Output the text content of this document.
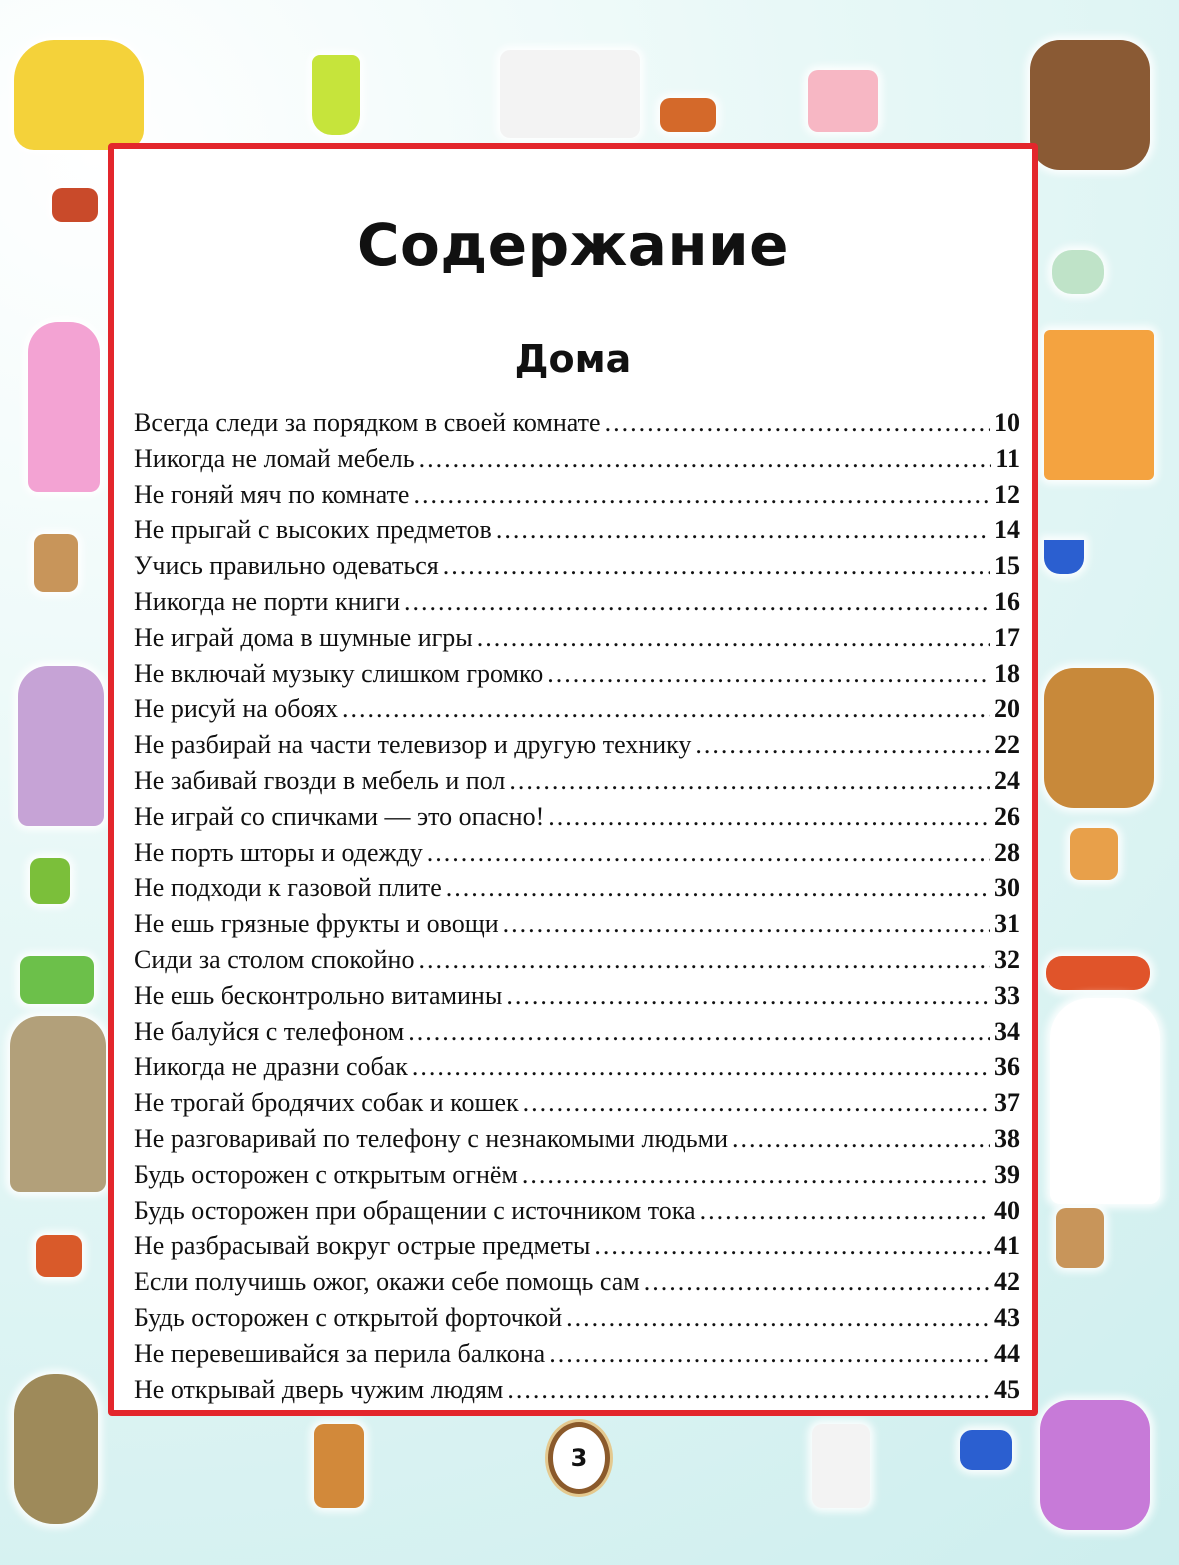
Содержание
Дома
Всегда следи за порядком в своей комнате .....	10
Никогда не ломай мебель .....	11
Не гоняй мяч по комнате .....	12
Не прыгай с высоких предметов .....	14
Учись правильно одеваться .....	15
Никогда не порти книги .....	16
Не играй дома в шумные игры .....	17
Не включай музыку слишком громко .....	18
Не рисуй на обоях .....	20
Не разбирай на части телевизор и другую технику .....	22
Не забивай гвозди в мебель и пол .....	24
Не играй со спичками — это опасно! .....	26
Не порть шторы и одежду .....	28
Не подходи к газовой плите .....	30
Не ешь грязные фрукты и овощи .....	31
Сиди за столом спокойно .....	32
Не ешь бесконтрольно витамины .....	33
Не балуйся с телефоном .....	34
Никогда не дразни собак .....	36
Не трогай бродячих собак и кошек .....	37
Не разговаривай по телефону с незнакомыми людьми .....	38
Будь осторожен с открытым огнём .....	39
Будь осторожен при обращении с источником тока .....	40
Не разбрасывай вокруг острые предметы .....	41
Если получишь ожог, окажи себе помощь сам .....	42
Будь осторожен с открытой форточкой .....	43
Не перевешивайся за перила балкона .....	44
Не открывай дверь чужим людям .....	45
3
